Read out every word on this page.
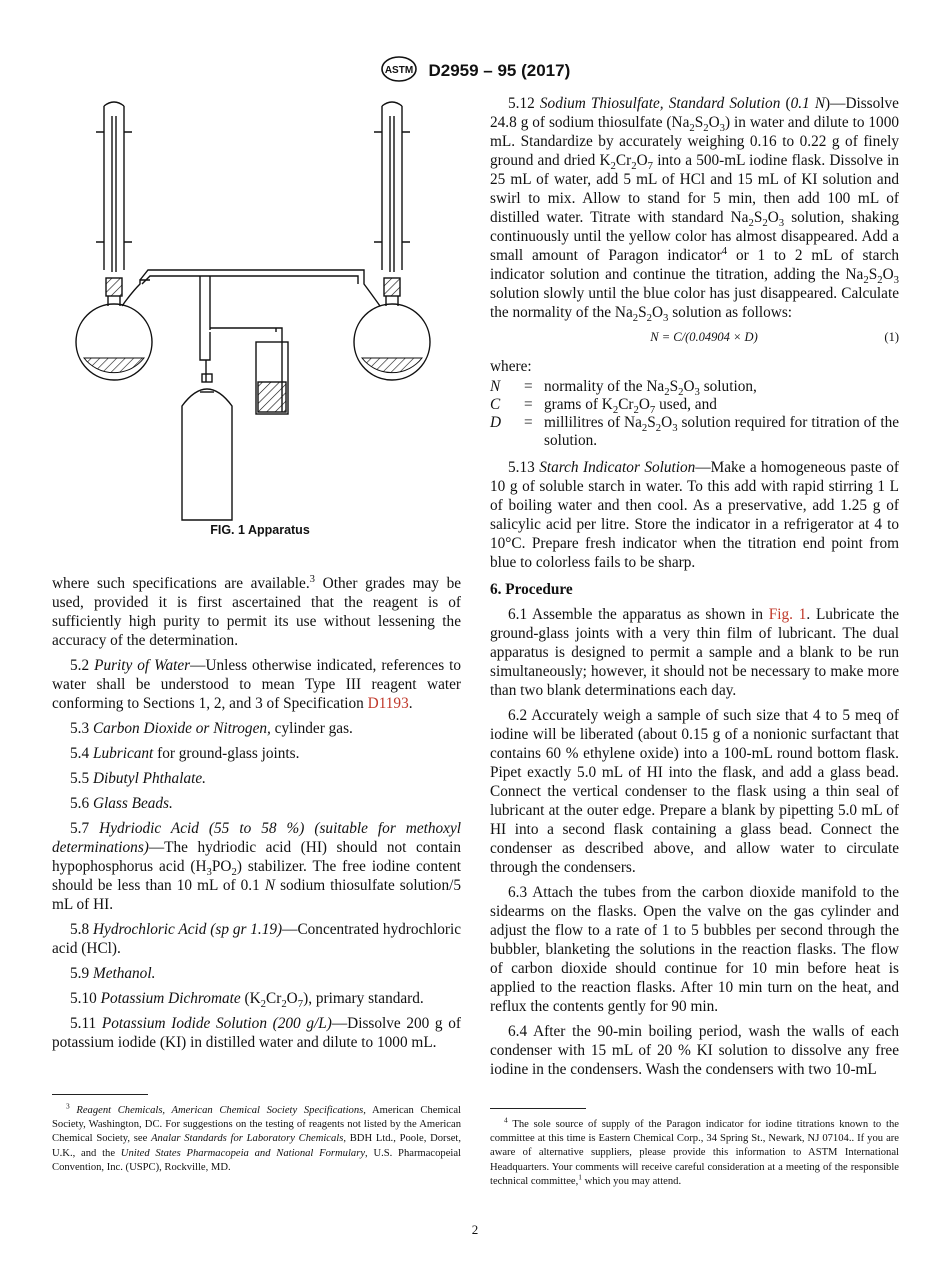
ASTM D2959 – 95 (2017)
FIG. 1 Apparatus

where such specifications are available.$^3$ Other grades may be used, provided it is first ascertained that the reagent is of sufficiently high purity to permit its use without lessening the accuracy of the determination.

5.2 Purity of Water—Unless otherwise indicated, references to water shall be understood to mean Type III reagent water conforming to Sections 1, 2, and 3 of Specification D1193.

5.3 Carbon Dioxide or Nitrogen, cylinder gas.

5.4 Lubricant for ground-glass joints.

5.5 Dibutyl Phthalate.

5.6 Glass Beads.

5.7 Hydriodic Acid (55 to 58 %) (suitable for methoxyl determinations)—The hydriodic acid (HI) should not contain hypophosphorus acid $(H_3PO_2)$ stabilizer. The free iodine content should be less than 10 mL of 0.1 N sodium thiosulfate solution/5 mL of HI.

5.8 Hydrochloric Acid (sp gr 1.19)—Concentrated hydrochloric acid (HCl).

5.9 Methanol.

5.10 Potassium Dichromate $(K_2Cr_2O_7)$, primary standard.

5.11 Potassium Iodide Solution (200 g/L)—Dissolve 200 g of potassium iodide (KI) in distilled water and dilute to 1000 mL.

$^3$ Reagent Chemicals, American Chemical Society Specifications, American Chemical Society, Washington, DC. For suggestions on the testing of reagents not listed by the American Chemical Society, see Analar Standards for Laboratory Chemicals, BDH Ltd., Poole, Dorset, U.K., and the United States Pharmacopeia and National Formulary, U.S. Pharmacopeial Convention, Inc. (USPC), Rockville, MD.

5.12 Sodium Thiosulfate, Standard Solution (0.1 N)—Dissolve 24.8 g of sodium thiosulfate $(Na_2S_2O_3)$ in water and dilute to 1000 mL. Standardize by accurately weighing 0.16 to 0.22 g of finely ground and dried $K_2Cr_2O_7$ into a 500-mL iodine flask. Dissolve in 25 mL of water, add 5 mL of HCl and 15 mL of KI solution and swirl to mix. Allow to stand for 5 min, then add 100 mL of distilled water. Titrate with standard $Na_2S_2O_3$ solution, shaking continuously until the yellow color has almost disappeared. Add a small amount of Paragon indicator$^4$ or 1 to 2 mL of starch indicator solution and continue the titration, adding the $Na_2S_2O_3$ solution slowly until the blue color has just disappeared. Calculate the normality of the $Na_2S_2O_3$ solution as follows:

N = C/(0.04904 × D)	(1)

where:

N	=	normality of the $Na_2S_2O_3$ solution,
C	=	grams of $K_2Cr_2O_7$ used, and
D	=	millilitres of $Na_2S_2O_3$ solution required for titration of the solution.

5.13 Starch Indicator Solution—Make a homogeneous paste of 10 g of soluble starch in water. To this add with rapid stirring 1 L of boiling water and then cool. As a preservative, add 1.25 g of salicylic acid per litre. Store the indicator in a refrigerator at 4 to 10°C. Prepare fresh indicator when the titration end point from blue to colorless fails to be sharp.

6. Procedure

6.1 Assemble the apparatus as shown in Fig. 1. Lubricate the ground-glass joints with a very thin film of lubricant. The dual apparatus is designed to permit a sample and a blank to be run simultaneously; however, it should not be necessary to make more than two blank determinations each day.

6.2 Accurately weigh a sample of such size that 4 to 5 meq of iodine will be liberated (about 0.15 g of a nonionic surfactant that contains 60 % ethylene oxide) into a 100-mL round bottom flask. Pipet exactly 5.0 mL of HI into the flask, and add a glass bead. Connect the vertical condenser to the flask using a thin seal of lubricant at the outer edge. Prepare a blank by pipetting 5.0 mL of HI into a second flask containing a glass bead. Connect the condenser as described above, and allow water to circulate through the condensers.

6.3 Attach the tubes from the carbon dioxide manifold to the sidearms on the flasks. Open the valve on the gas cylinder and adjust the flow to a rate of 1 to 5 bubbles per second through the bubbler, blanketing the solutions in the reaction flasks. The flow of carbon dioxide should continue for 10 min before heat is applied to the reaction flasks. After 10 min turn on the heat, and reflux the contents gently for 90 min.

6.4 After the 90-min boiling period, wash the walls of each condenser with 15 mL of 20 % KI solution to dissolve any free iodine in the condensers. Wash the condensers with two 10-mL

$^4$ The sole source of supply of the Paragon indicator for iodine titrations known to the committee at this time is Eastern Chemical Corp., 34 Spring St., Newark, NJ 07104.. If you are aware of alternative suppliers, please provide this information to ASTM International Headquarters. Your comments will receive careful consideration at a meeting of the responsible technical committee,$^1$ which you may attend.
2
